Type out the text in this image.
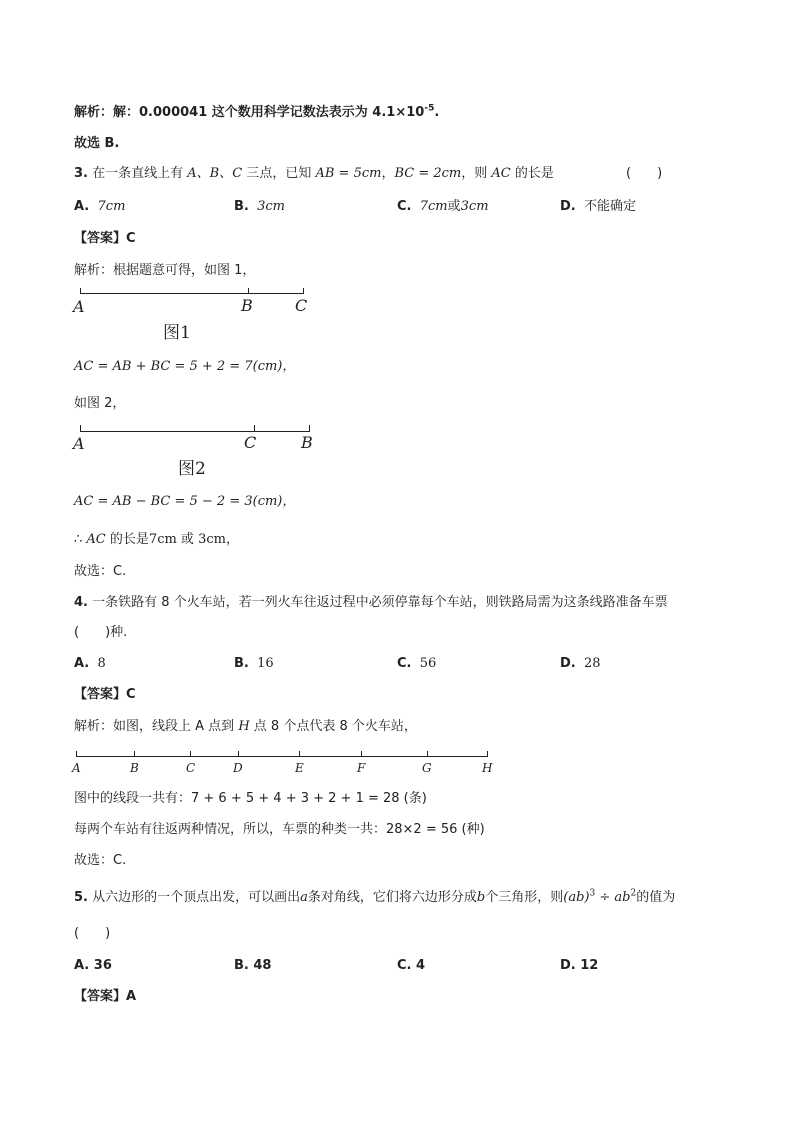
解析：解：0.000041 这个数用科学记数法表示为 $4.1\times 10^{-5}$.
故选 B.
3. 在一条直线上有 A、B、C 三点，已知 AB = 5cm，BC = 2cm，则 AC 的长是	(　　)
A. 7cm	B. 3cm	C. 7cm或3cm	D. 不能确定
【答案】C
解析：根据题意可得，如图 1，
A	B	C
图1
AC = AB + BC = 5 + 2 = 7(cm)，
如图 2，
A	C	B
图2
AC = AB − BC = 5 − 2 = 3(cm)，
∴ AC 的长是7cm 或 3cm，
故选：C.
4. 一条铁路有 8 个火车站，若一列火车往返过程中必须停靠每个车站，则铁路局需为这条线路准备车票
(　　)种.
A. 8	B. 16	C. 56	D. 28
【答案】C
解析：如图，线段上 A 点到 H 点 8 个点代表 8 个火车站，
A	B	C	D	E	F	G	H
图中的线段一共有：7 + 6 + 5 + 4 + 3 + 2 + 1 = 28 (条)
每两个车站有往返两种情况，所以，车票的种类一共：28×2 = 56 (种)
故选：C.
5. 从六边形的一个顶点出发，可以画出a条对角线，它们将六边形分成b个三角形，则$(ab)^3 \div ab^2$的值为
(　　)
A. 36	B. 48	C. 4	D. 12
【答案】A
